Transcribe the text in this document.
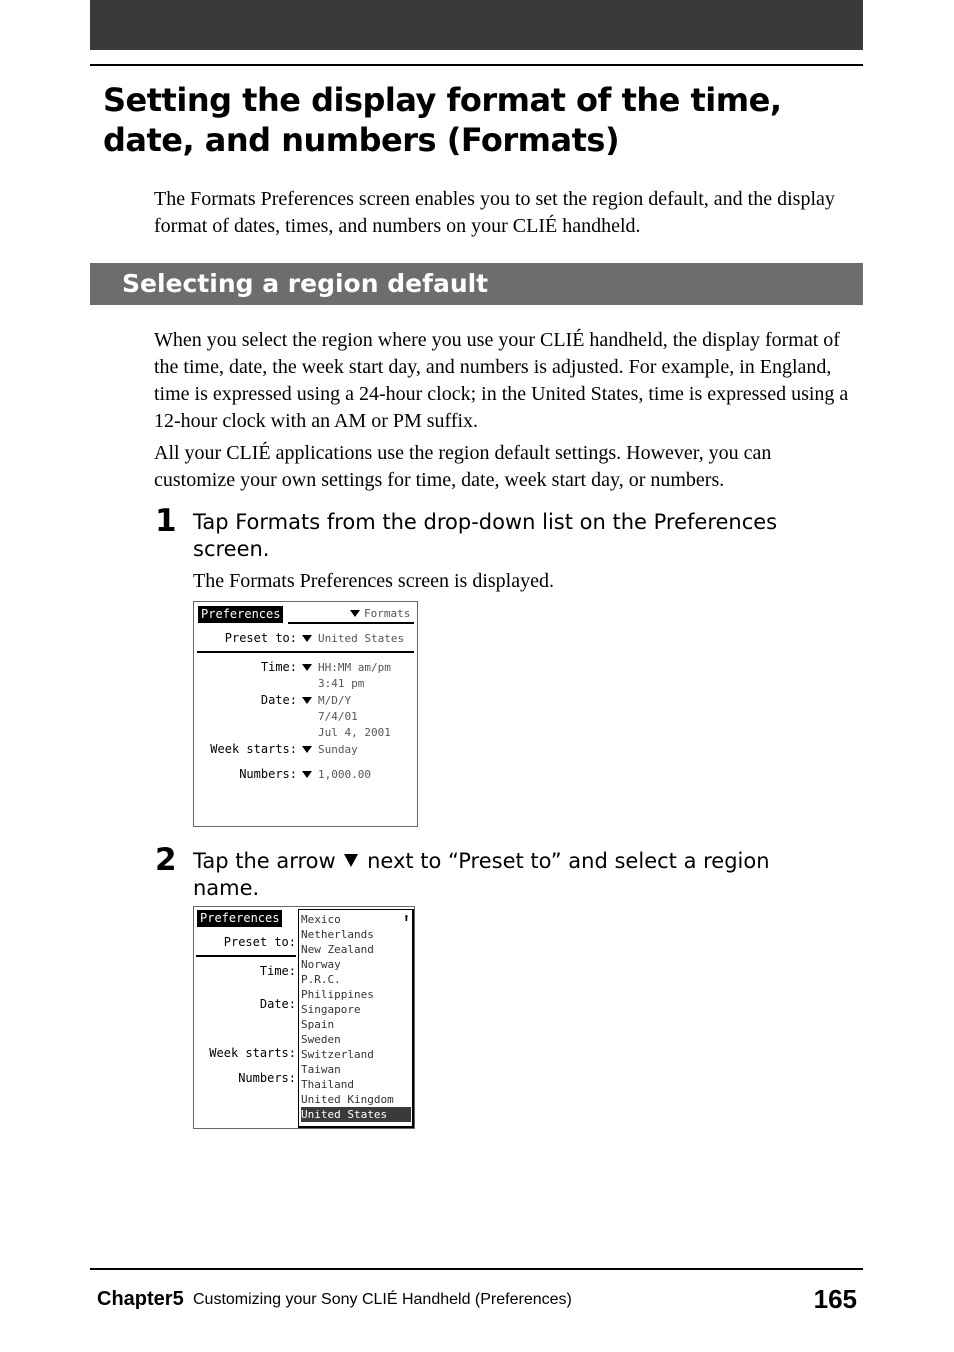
Setting the display format of the time, date, and numbers (Formats)

The Formats Preferences screen enables you to set the region default, and the display format of dates, times, and numbers on your CLIÉ handheld.

Selecting a region default

When you select the region where you use your CLIÉ handheld, the display format of the time, date, the week start day, and numbers is adjusted. For example, in England, time is expressed using a 24-hour clock; in the United States, time is expressed using a 12-hour clock with an AM or PM suffix.

All your CLIÉ applications use the region default settings. However, you can customize your own settings for time, date, week start day, or numbers.

1 Tap Formats from the drop-down list on the Preferences screen.

The Formats Preferences screen is displayed.

Preferences	Formats
Preset to: United States
Time: HH:MM am/pm
3:41 pm
Date: M/D/Y
7/4/01
Jul 4, 2001
Week starts: Sunday
Numbers: 1,000.00
2 Tap the arrow next to “Preset to” and select a region name.

Preferences
Preset to:
Time:
Date:
Week starts:
Numbers:
⬆
Mexico
Netherlands
New Zealand
Norway
P.R.C.
Philippines
Singapore
Spain
Sweden
Switzerland
Taiwan
Thailand
United Kingdom
United States
Chapter5 Customizing your Sony CLIÉ Handheld (Preferences)	165
